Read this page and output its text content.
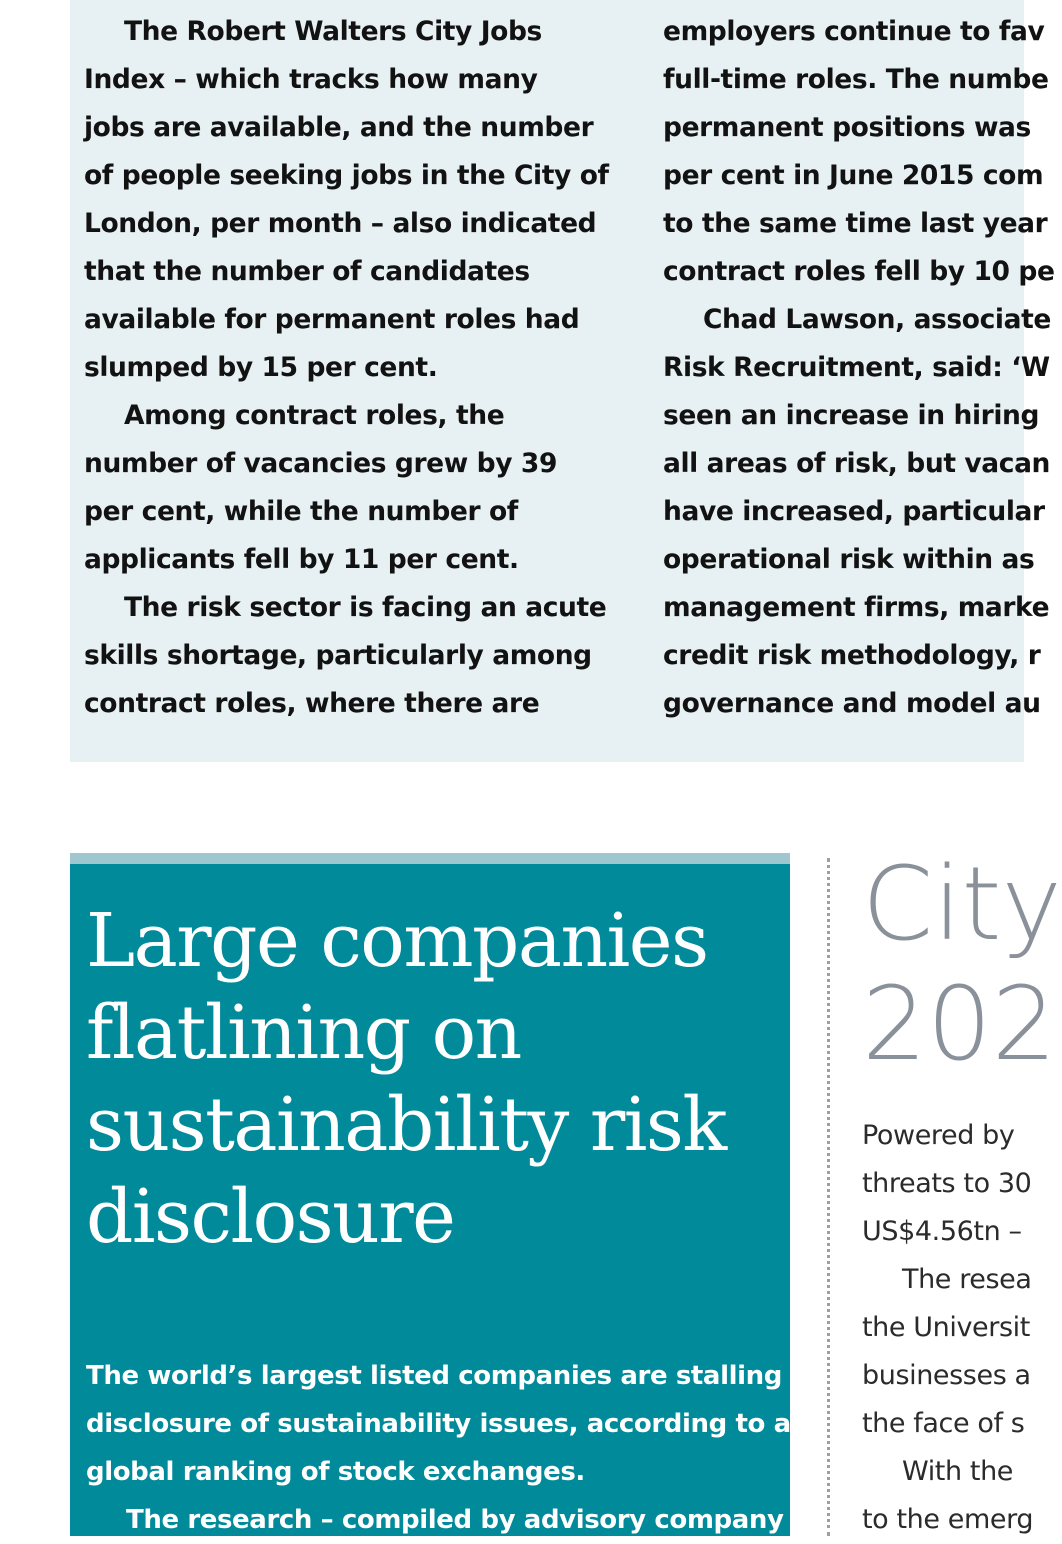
The Robert Walters City Jobs
Index – which tracks how many
jobs are available, and the number
of people seeking jobs in the City of
London, per month – also indicated
that the number of candidates
available for permanent roles had
slumped by 15 per cent.
Among contract roles, the
number of vacancies grew by 39
per cent, while the number of
applicants fell by 11 per cent.
The risk sector is facing an acute
skills shortage, particularly among
contract roles, where there are
employers continue to fav
full-time roles. The numbe
permanent positions was
per cent in June 2015 com
to the same time last year
contract roles fell by 10 pe
Chad Lawson, associate
Risk Recruitment, said: ‘W
seen an increase in hiring
all areas of risk, but vacan
have increased, particular
operational risk within as
management firms, marke
credit risk methodology, r
governance and model au
Large companies
flatlining on
sustainability risk
disclosure
The world’s largest listed companies are stalling on
disclosure of sustainability issues, according to a
global ranking of stock exchanges.
The research – compiled by advisory company
City
202
Powered by
threats to 30
US$4.56tn –
The resea
the Universit
businesses a
the face of s
With the
to the emerg
